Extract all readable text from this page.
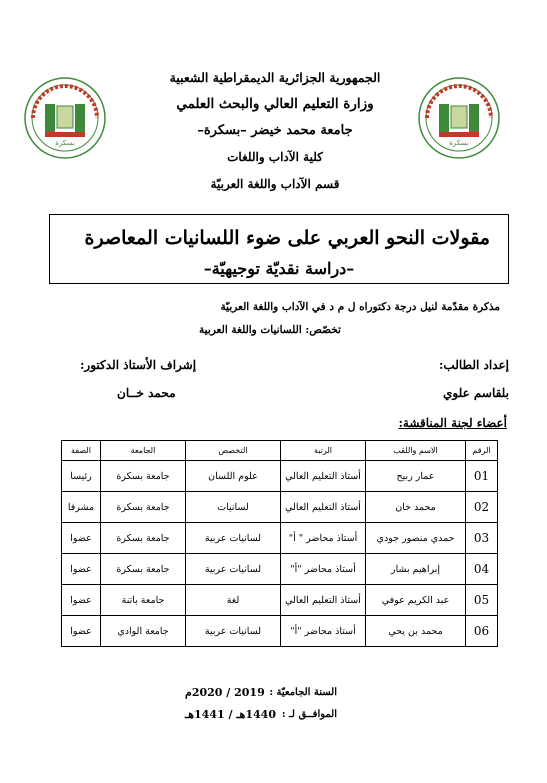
بسكرة	بسكرة
الجمهورية الجزائرية الديمقراطية الشعبية
وزارة التعليم العالي والبحث العلمي
جامعة محمد خيضر –بسكرة–
كلية الآداب واللغات
قسم الآداب واللغة العربيّة
مقولات النحو العربي على ضوء اللسانيات المعاصرة
–دراسة نقديّة توجيهيّة–
مذكرة مقدّمة لنيل درجة دكتوراه ل م د في الآداب واللغة العربيّة
تخصّص: اللسانيات واللغة العربية
إعداد الطالب:
إشراف الأستاذ الدكتور:
بلقاسم علوي
محمد خــان
أعضاء لجنة المناقشة:
الرقم	الاسم واللقب	الرتبة	التخصص	الجامعة	الصفة
01	عمار ربيح	أستاذ التعليم العالي	علوم اللسان	جامعة بسكرة	رئيسا
02	محمد خان	أستاذ التعليم العالي	لسانيات	جامعة بسكرة	مشرفا
03	حمدي منصور جودي	أستاذ محاضر " أ"	لسانيات عربية	جامعة بسكرة	عضوا
04	إبراهيم بشار	أستاذ محاضر "أ"	لسانيات عربية	جامعة بسكرة	عضوا
05	عبد الكريم عوفي	أستاذ التعليم العالي	لغة	جامعة باتنة	عضوا
06	محمد بن يحي	أستاذ محاضر "أ"	لسانيات عربية	جامعة الوادي	عضوا
السنة الجامعيّة :
2019 / 2020م
الموافــق لـ :
1440هـ / 1441هـ
